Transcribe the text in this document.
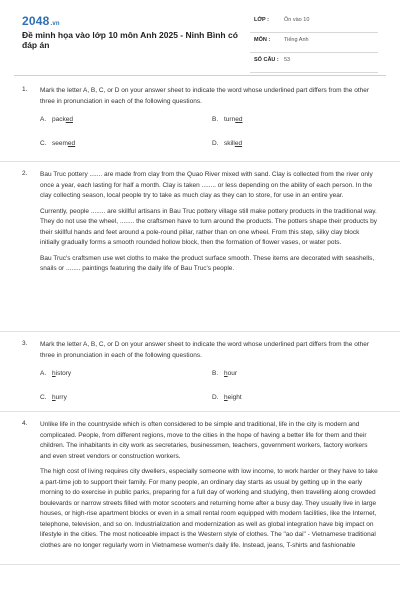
2048.vn
Đề minh họa vào lớp 10 môn Anh 2025 - Ninh Bình có đáp án
LỚP :	Ôn vào 10
MÔN :	Tiếng Anh
SỐ CÂU : 53
1. Mark the letter A, B, C, or D on your answer sheet to indicate the word whose underlined part differs from the other three in pronunciation in each of the following questions.

A. packed	B. turned
C. seemed	D. skilled
2. Bau Truc pottery ....... are made from clay from the Quao River mixed with sand. Clay is collected from the river only once a year, each lasting for half a month. Clay is taken ........ or less depending on the ability of each person. In the clay collecting season, local people try to take as much clay as they can to store, for use in an entire year.

Currently, people ........ are skillful artisans in Bau Truc pottery village still make pottery products in the traditional way. They do not use the wheel, ........ the craftsmen have to turn around the products. The potters shape their products by their skillful hands and feet around a pole-round pillar, rather than on one wheel. From this step, silky clay block initially gradually forms a smooth rounded hollow block, then the formation of flower vases, or water pots.

Bau Truc's craftsmen use wet cloths to make the product surface smooth. These items are decorated with seashells, snails or ........ paintings featuring the daily life of Bau Truc's people.

3. Mark the letter A, B, C, or D on your answer sheet to indicate the word whose underlined part differs from the other three in pronunciation in each of the following questions.

A. history	B. hour
C. hurry	D. height
4. Unlike life in the countryside which is often considered to be simple and traditional, life in the city is modern and complicated. People, from different regions, move to the cities in the hope of having a better life for them and their children. The inhabitants in city work as secretaries, businessmen, teachers, government workers, factory workers and even street vendors or construction workers.

The high cost of living requires city dwellers, especially someone with low income, to work harder or they have to take a part-time job to support their family. For many people, an ordinary day starts as usual by getting up in the early morning to do exercise in public parks, preparing for a full day of working and studying, then travelling along crowded boulevards or narrow streets filled with motor scooters and returning home after a busy day. They usually live in large houses, or high-rise apartment blocks or even in a small rental room equipped with modern facilities, like the Internet, telephone, television, and so on. Industrialization and modernization as well as global integration have big impact on lifestyle in the cities. The most noticeable impact is the Western style of clothes. The "ao dai" - Vietnamese traditional clothes are no longer regularly worn in Vietnamese women's daily life. Instead, jeans, T-shirts and fashionable
